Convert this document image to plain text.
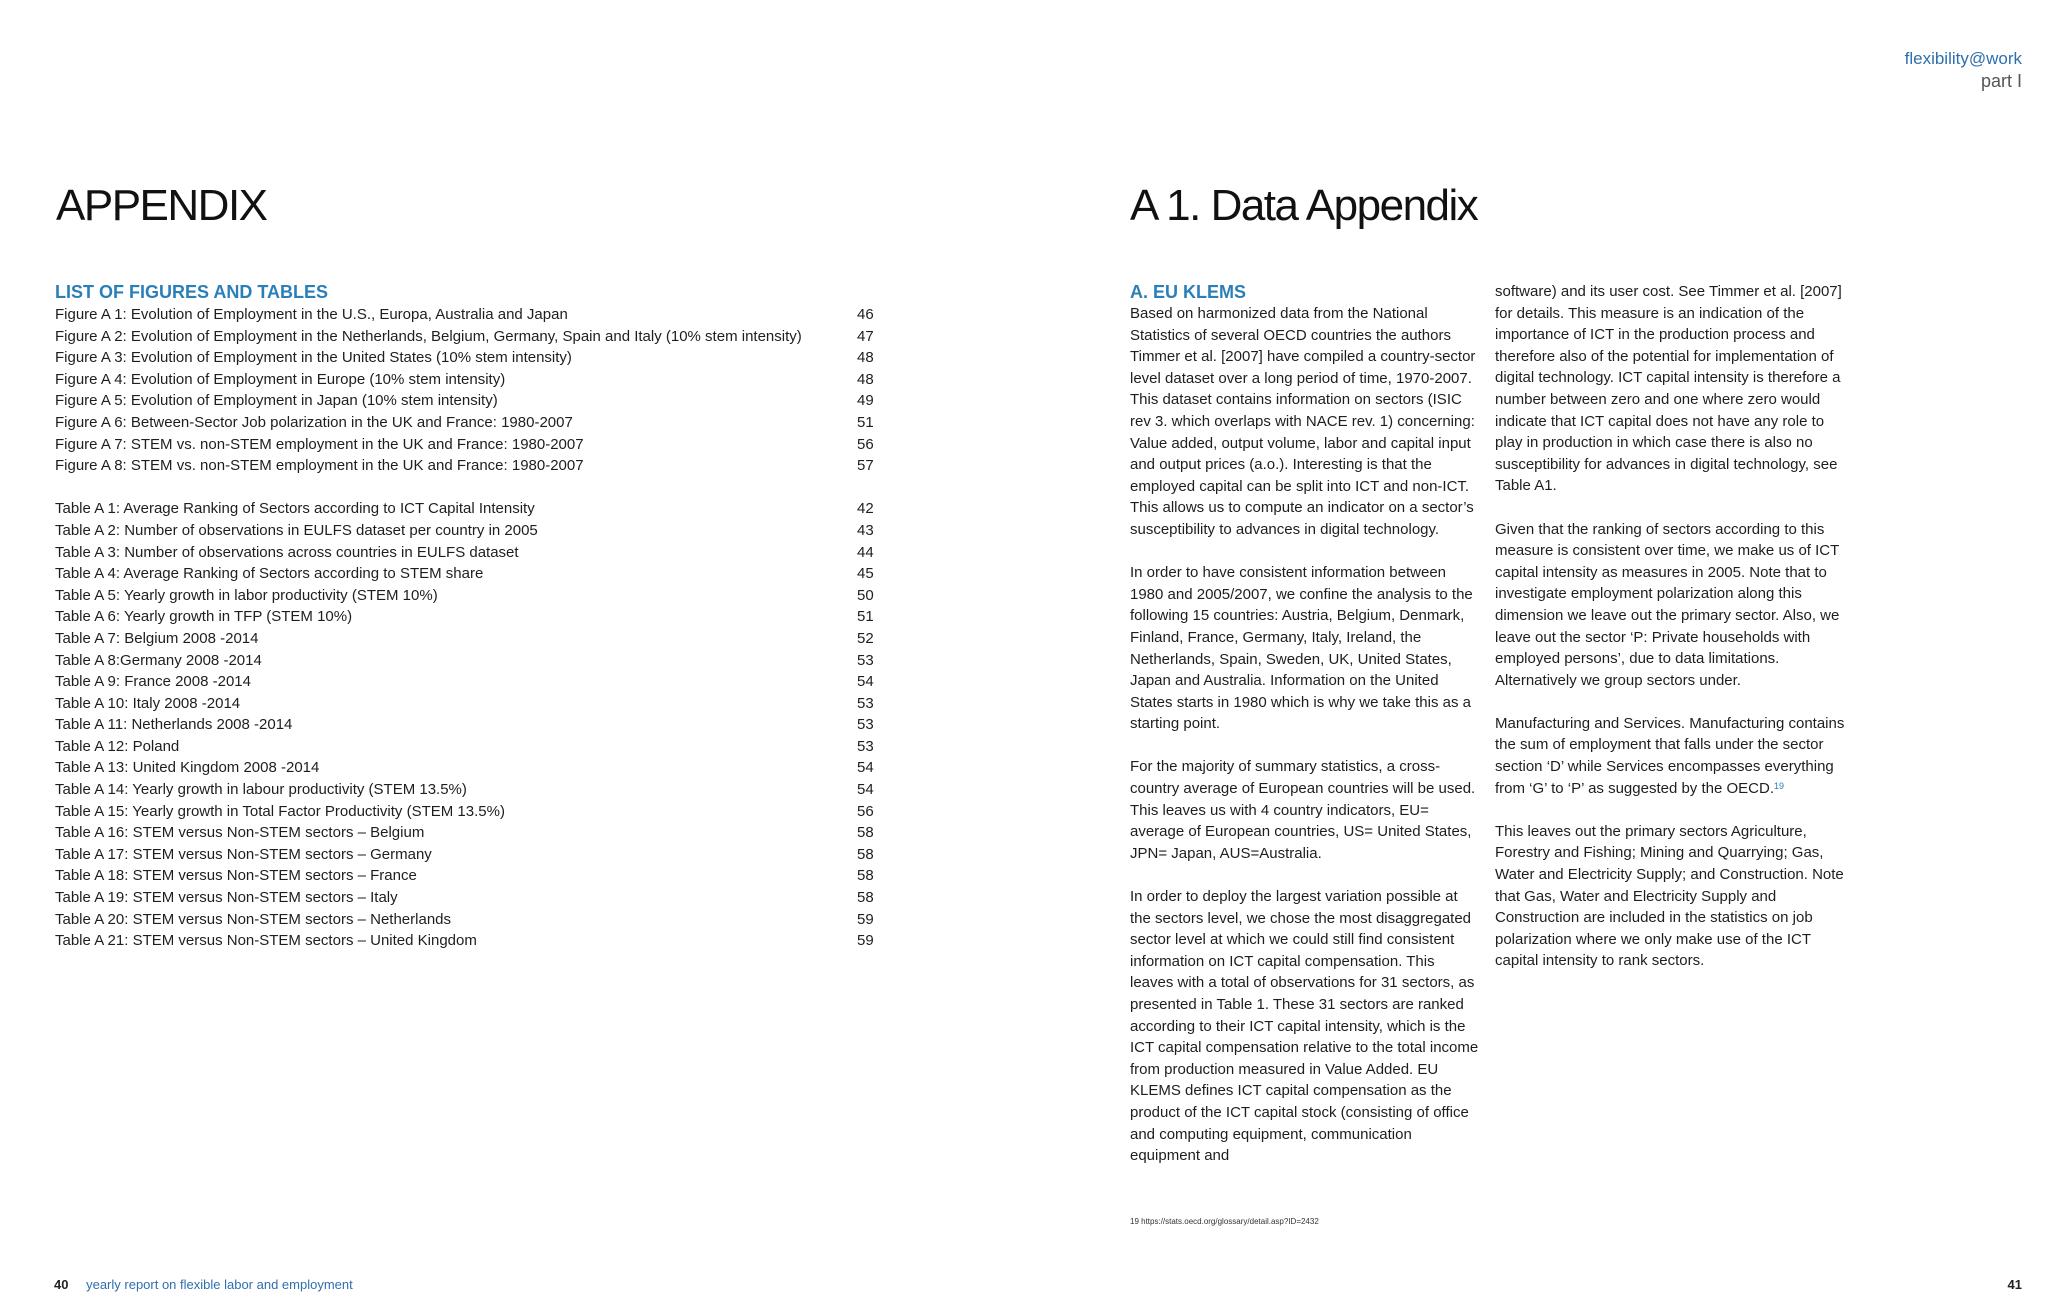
flexibility@work
part I
APPENDIX	A 1. Data Appendix
LIST OF FIGURES AND TABLES
Figure A 1: Evolution of Employment in the U.S., Europa, Australia and Japan	46
Figure A 2: Evolution of Employment in the Netherlands, Belgium, Germany, Spain and Italy (10% stem intensity)	47
Figure A 3: Evolution of Employment in the United States (10% stem intensity)	48
Figure A 4: Evolution of Employment in Europe (10% stem intensity)	48
Figure A 5: Evolution of Employment in Japan (10% stem intensity)	49
Figure A 6: Between-Sector Job polarization in the UK and France: 1980-2007	51
Figure A 7: STEM vs. non-STEM employment in the UK and France: 1980-2007	56
Figure A 8: STEM vs. non-STEM employment in the UK and France: 1980-2007	57
Table A 1: Average Ranking of Sectors according to ICT Capital Intensity	42
Table A 2: Number of observations in EULFS dataset per country in 2005	43
Table A 3: Number of observations across countries in EULFS dataset	44
Table A 4: Average Ranking of Sectors according to STEM share	45
Table A 5: Yearly growth in labor productivity (STEM 10%)	50
Table A 6: Yearly growth in TFP (STEM 10%)	51
Table A 7: Belgium 2008 -2014	52
Table A 8:Germany 2008 -2014	53
Table A 9: France 2008 -2014	54
Table A 10: Italy 2008 -2014	53
Table A 11: Netherlands 2008 -2014	53
Table A 12: Poland	53
Table A 13: United Kingdom 2008 -2014	54
Table A 14: Yearly growth in labour productivity (STEM 13.5%)	54
Table A 15: Yearly growth in Total Factor Productivity (STEM 13.5%)	56
Table A 16: STEM versus Non-STEM sectors – Belgium	58
Table A 17: STEM versus Non-STEM sectors – Germany	58
Table A 18: STEM versus Non-STEM sectors – France	58
Table A 19: STEM versus Non-STEM sectors – Italy	58
Table A 20: STEM versus Non-STEM sectors – Netherlands	59
Table A 21: STEM versus Non-STEM sectors – United Kingdom	59
A. EU KLEMS

Based on harmonized data from the National Statistics of several OECD countries the authors Timmer et al. [2007] have compiled a country-sector level dataset over a long period of time, 1970-2007. This dataset contains information on sectors (ISIC rev 3. which overlaps with NACE rev. 1) concerning: Value added, output volume, labor and capital input and output prices (a.o.). Interesting is that the employed capital can be split into ICT and non-ICT. This allows us to compute an indicator on a sector’s susceptibility to advances in digital technology.

In order to have consistent information between 1980 and 2005/2007, we confine the analysis to the following 15 countries: Austria, Belgium, Denmark, Finland, France, Germany, Italy, Ireland, the Netherlands, Spain, Sweden, UK, United States, Japan and Australia. Information on the United States starts in 1980 which is why we take this as a starting point.

For the majority of summary statistics, a cross-country average of European countries will be used. This leaves us with 4 country indicators, EU= average of European countries, US= United States, JPN= Japan, AUS=Australia.

In order to deploy the largest variation possible at the sectors level, we chose the most disaggregated sector level at which we could still find consistent information on ICT capital compensation. This leaves with a total of observations for 31 sectors, as presented in Table 1. These 31 sectors are ranked according to their ICT capital intensity, which is the ICT capital compensation relative to the total income from production measured in Value Added. EU KLEMS defines ICT capital compensation as the product of the ICT capital stock (consisting of office and computing equipment, communication equipment and

software) and its user cost. See Timmer et al. [2007] for details. This measure is an indication of the importance of ICT in the production process and therefore also of the potential for implementation of digital technology. ICT capital intensity is therefore a number between zero and one where zero would indicate that ICT capital does not have any role to play in production in which case there is also no susceptibility for advances in digital technology, see Table A1.

Given that the ranking of sectors according to this measure is consistent over time, we make us of ICT capital intensity as measures in 2005. Note that to investigate employment polarization along this dimension we leave out the primary sector. Also, we leave out the sector ‘P: Private households with employed persons’, due to data limitations. Alternatively we group sectors under.

Manufacturing and Services. Manufacturing contains the sum of employment that falls under the sector section ‘D’ while Services encompasses everything from ‘G’ to ‘P’ as suggested by the OECD.$^{19}$

This leaves out the primary sectors Agriculture, Forestry and Fishing; Mining and Quarrying; Gas, Water and Electricity Supply; and Construction. Note that Gas, Water and Electricity Supply and Construction are included in the statistics on job polarization where we only make use of the ICT capital intensity to rank sectors.

19 https://stats.oecd.org/glossary/detail.asp?ID=2432
40 yearly report on flexible labor and employment	41
